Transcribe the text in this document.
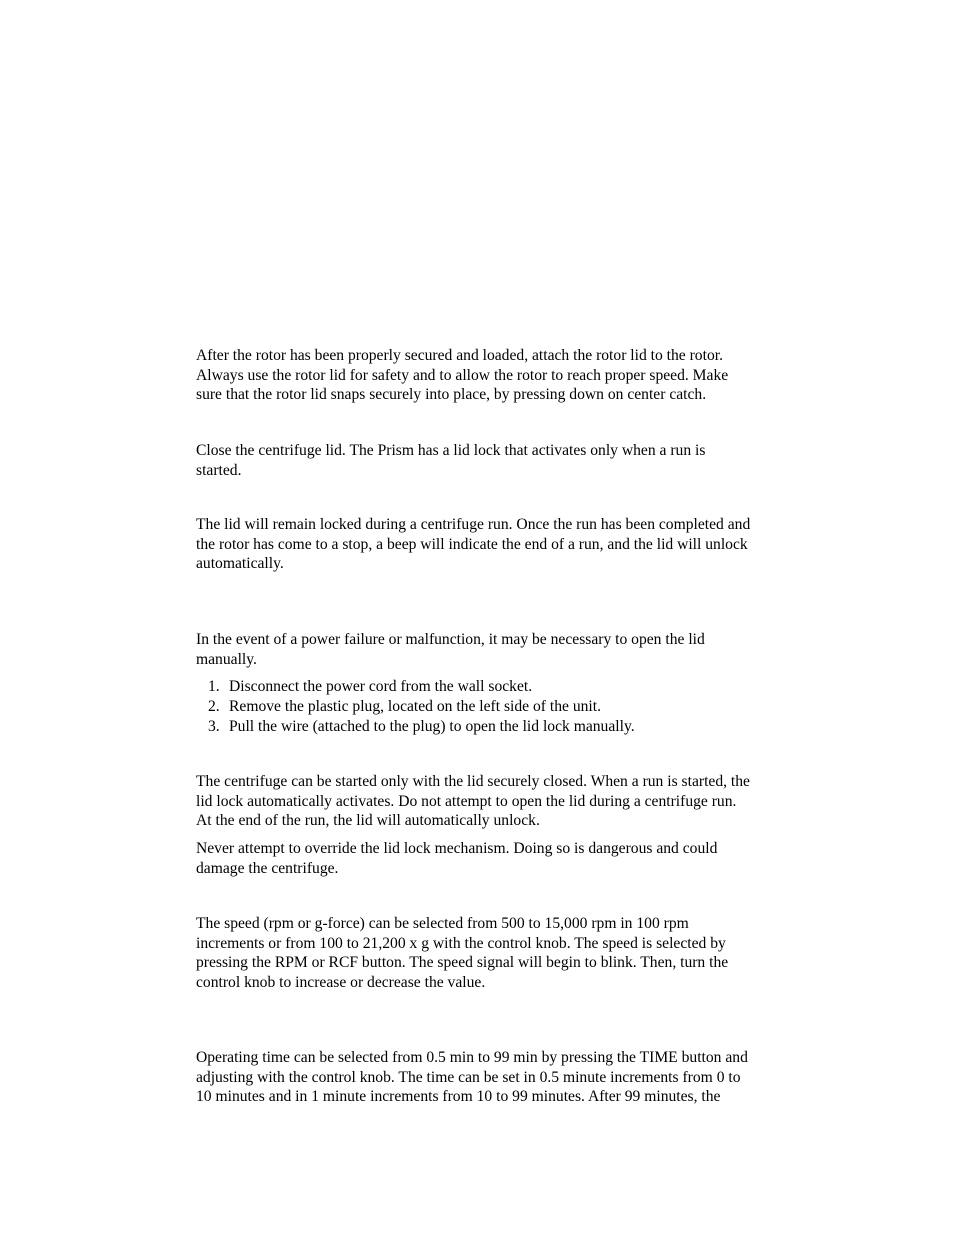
After the rotor has been properly secured and loaded, attach the rotor lid to the rotor.
Always use the rotor lid for safety and to allow the rotor to reach proper speed. Make
sure that the rotor lid snaps securely into place, by pressing down on center catch.
Close the centrifuge lid. The Prism has a lid lock that activates only when a run is
started.
The lid will remain locked during a centrifuge run. Once the run has been completed and
the rotor has come to a stop, a beep will indicate the end of a run, and the lid will unlock
automatically.
In the event of a power failure or malfunction, it may be necessary to open the lid
manually.
1. Disconnect the power cord from the wall socket.
2. Remove the plastic plug, located on the left side of the unit.
3. Pull the wire (attached to the plug) to open the lid lock manually.
The centrifuge can be started only with the lid securely closed. When a run is started, the
lid lock automatically activates. Do not attempt to open the lid during a centrifuge run.
At the end of the run, the lid will automatically unlock.
Never attempt to override the lid lock mechanism. Doing so is dangerous and could
damage the centrifuge.
The speed (rpm or g-force) can be selected from 500 to 15,000 rpm in 100 rpm
increments or from 100 to 21,200 x g with the control knob. The speed is selected by
pressing the RPM or RCF button. The speed signal will begin to blink. Then, turn the
control knob to increase or decrease the value.
Operating time can be selected from 0.5 min to 99 min by pressing the TIME button and
adjusting with the control knob. The time can be set in 0.5 minute increments from 0 to
10 minutes and in 1 minute increments from 10 to 99 minutes. After 99 minutes, the
